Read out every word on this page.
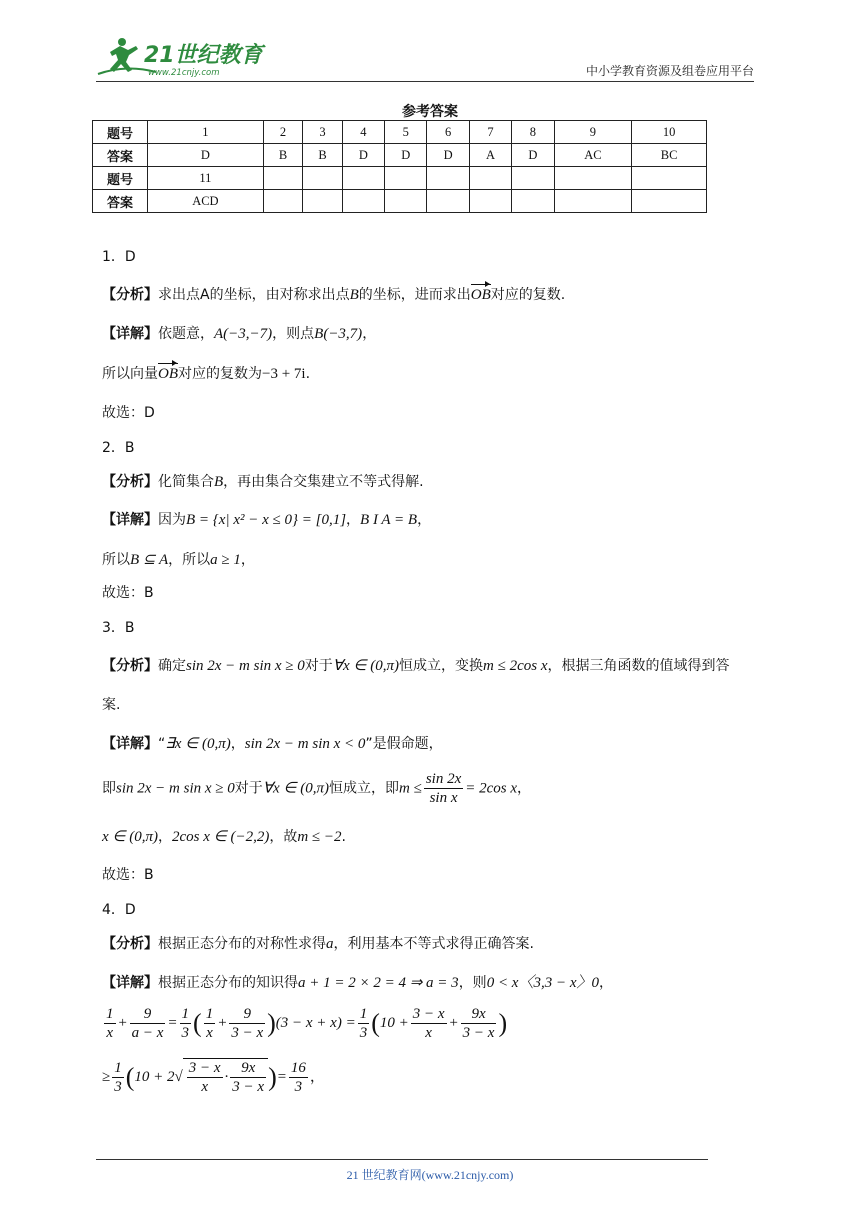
21世纪教育
www.21cnjy.com	中小学教育资源及组卷应用平台
参考答案
题号	1	2	3	4	5	6	7	8	9	10
答案	D	B	B	D	D	D	A	D	AC	BC
题号	11									
答案	ACD									
1．D
【分析】求出点A的坐标，由对称求出点B的坐标，进而求出OB对应的复数.
【详解】依题意，A(−3,−7)，则点B(−3,7)，
所以向量OB对应的复数为−3 + 7i.
故选：D
2．B
【分析】化简集合B，再由集合交集建立不等式得解.
【详解】因为B = {x| x² − x ≤ 0} = [0,1]，B I A = B，
所以B ⊆ A，所以a ≥ 1，
故选：B
3．B
【分析】确定sin 2x − m sin x ≥ 0对于∀x ∈ (0,π)恒成立，变换m ≤ 2cos x，根据三角函数的值域得到答
案.
【详解】“∃x ∈ (0,π)，sin 2x − m sin x < 0”是假命题，
即sin 2x − m sin x ≥ 0对于∀x ∈ (0,π)恒成立，即$m \le \frac{\sin 2x}{\text{sin x}} = 2\cos$ x，
x ∈ (0,π)，2cos x ∈ (−2,2)，故m ≤ −2.
故选：B
4．D
【分析】根据正态分布的对称性求得a，利用基本不等式求得正确答案.
【详解】根据正态分布的知识得a + 1 = 2 × 2 = 4 ⇒ a = 3，则0 < x〈3,3 − x〉0，
$\frac{1}{x} + \frac{9}{a - x} = \frac{1}{3}$ ( $\frac{1}{x} + \frac{9}{3 - x} )(3 - x + x) = \frac{1}{3} (10 + \frac{3 - x}{x} + \frac{9x}{3 - x}$ )
≥ $\frac{1}{3} (10 + 2√ \frac{3 - x}{x} \cdot \frac{9x}{3 - x}$ )= $\frac{16}{3}$ ，
21 世纪教育网(www.21cnjy.com)
